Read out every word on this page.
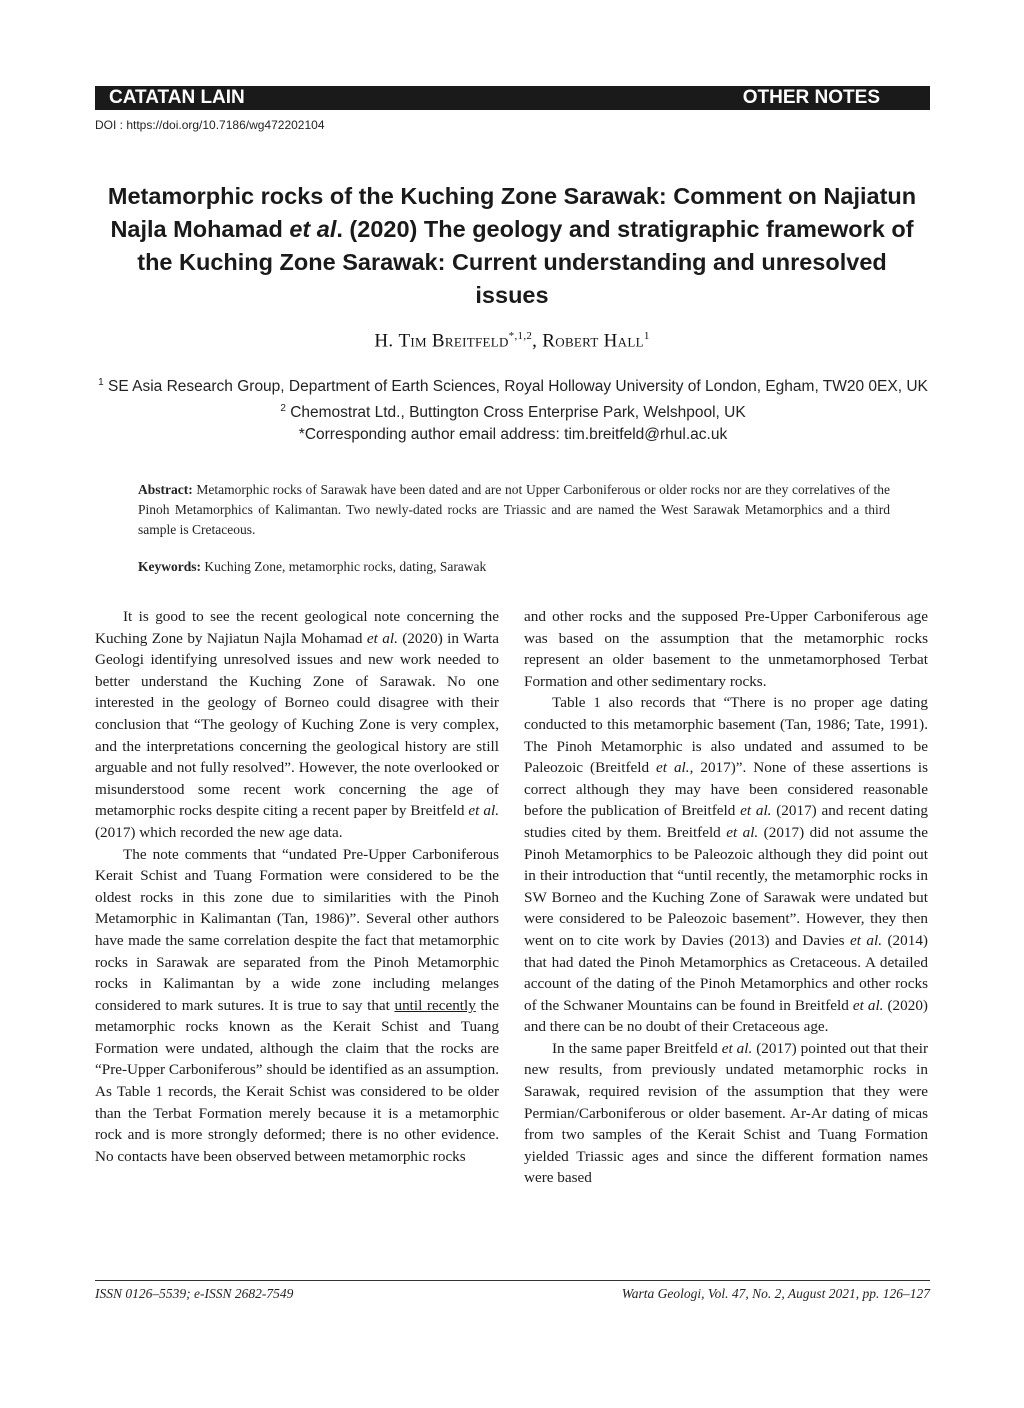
CATATAN LAIN	OTHER NOTES
DOI : https://doi.org/10.7186/wg472202104
Metamorphic rocks of the Kuching Zone Sarawak: Comment on Najiatun Najla Mohamad et al. (2020) The geology and stratigraphic framework of the Kuching Zone Sarawak: Current understanding and unresolved issues
H. Tim Breitfeld$^{*,1,2}$, Robert Hall$^1$

$^1$ SE Asia Research Group, Department of Earth Sciences, Royal Holloway University of London, Egham, TW20 0EX, UK

$^2$ Chemostrat Ltd., Buttington Cross Enterprise Park, Welshpool, UK

*Corresponding author email address: tim.breitfeld@rhul.ac.uk

Abstract: Metamorphic rocks of Sarawak have been dated and are not Upper Carboniferous or older rocks nor are they correlatives of the Pinoh Metamorphics of Kalimantan. Two newly-dated rocks are Triassic and are named the West Sarawak Metamorphics and a third sample is Cretaceous.
Keywords: Kuching Zone, metamorphic rocks, dating, Sarawak

It is good to see the recent geological note concerning the Kuching Zone by Najiatun Najla Mohamad et al. (2020) in Warta Geologi identifying unresolved issues and new work needed to better understand the Kuching Zone of Sarawak. No one interested in the geology of Borneo could disagree with their conclusion that “The geology of Kuching Zone is very complex, and the interpretations concerning the geological history are still arguable and not fully resolved”. However, the note overlooked or misunderstood some recent work concerning the age of metamorphic rocks despite citing a recent paper by Breitfeld et al. (2017) which recorded the new age data.

The note comments that “undated Pre-Upper Carboniferous Kerait Schist and Tuang Formation were considered to be the oldest rocks in this zone due to similarities with the Pinoh Metamorphic in Kalimantan (Tan, 1986)”. Several other authors have made the same correlation despite the fact that metamorphic rocks in Sarawak are separated from the Pinoh Metamorphic rocks in Kalimantan by a wide zone including melanges considered to mark sutures. It is true to say that until recently the metamorphic rocks known as the Kerait Schist and Tuang Formation were undated, although the claim that the rocks are “Pre-Upper Carboniferous” should be identified as an assumption. As Table 1 records, the Kerait Schist was considered to be older than the Terbat Formation merely because it is a metamorphic rock and is more strongly deformed; there is no other evidence. No contacts have been observed between metamorphic rocks

and other rocks and the supposed Pre-Upper Carboniferous age was based on the assumption that the metamorphic rocks represent an older basement to the unmetamorphosed Terbat Formation and other sedimentary rocks.

Table 1 also records that “There is no proper age dating conducted to this metamorphic basement (Tan, 1986; Tate, 1991). The Pinoh Metamorphic is also undated and assumed to be Paleozoic (Breitfeld et al., 2017)”. None of these assertions is correct although they may have been considered reasonable before the publication of Breitfeld et al. (2017) and recent dating studies cited by them. Breitfeld et al. (2017) did not assume the Pinoh Metamorphics to be Paleozoic although they did point out in their introduction that “until recently, the metamorphic rocks in SW Borneo and the Kuching Zone of Sarawak were undated but were considered to be Paleozoic basement”. However, they then went on to cite work by Davies (2013) and Davies et al. (2014) that had dated the Pinoh Metamorphics as Cretaceous. A detailed account of the dating of the Pinoh Metamorphics and other rocks of the Schwaner Mountains can be found in Breitfeld et al. (2020) and there can be no doubt of their Cretaceous age.

In the same paper Breitfeld et al. (2017) pointed out that their new results, from previously undated metamorphic rocks in Sarawak, required revision of the assumption that they were Permian/Carboniferous or older basement. Ar-Ar dating of micas from two samples of the Kerait Schist and Tuang Formation yielded Triassic ages and since the different formation names were based

ISSN 0126–5539; e-ISSN 2682-7549	Warta Geologi, Vol. 47, No. 2, August 2021, pp. 126–127
